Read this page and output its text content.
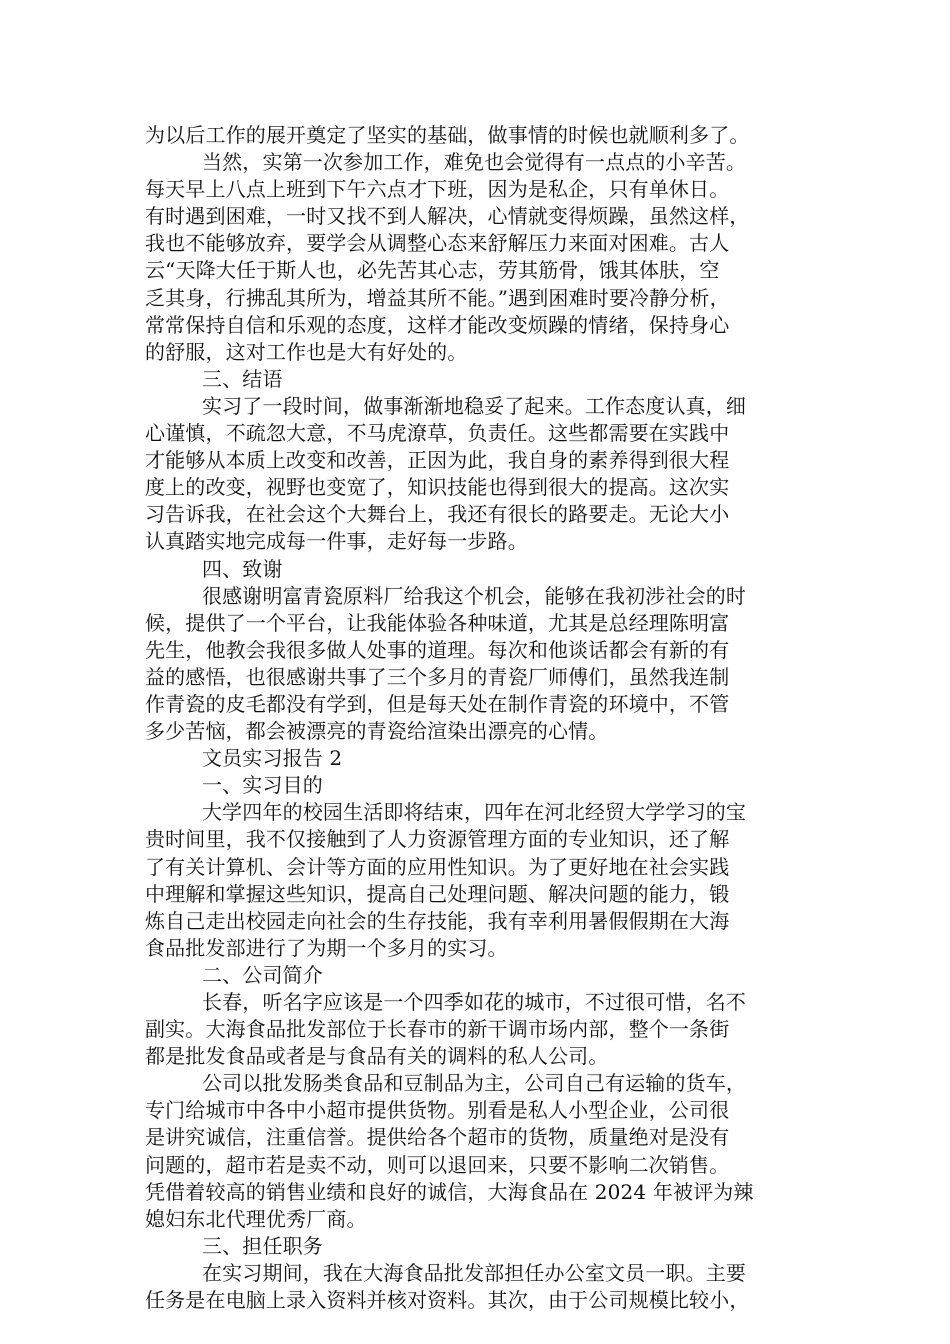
为以后工作的展开奠定了坚实的基础，做事情的时候也就顺利多了。
当然，实第一次参加工作，难免也会觉得有一点点的小辛苦。
每天早上八点上班到下午六点才下班，因为是私企，只有单休日。
有时遇到困难，一时又找不到人解决，心情就变得烦躁，虽然这样，
我也不能够放弃，要学会从调整心态来舒解压力来面对困难。古人
云“天降大任于斯人也，必先苦其心志，劳其筋骨，饿其体肤，空
乏其身，行拂乱其所为，增益其所不能。”遇到困难时要冷静分析，
常常保持自信和乐观的态度，这样才能改变烦躁的情绪，保持身心
的舒服，这对工作也是大有好处的。
三、结语
实习了一段时间，做事渐渐地稳妥了起来。工作态度认真，细
心谨慎，不疏忽大意，不马虎潦草，负责任。这些都需要在实践中
才能够从本质上改变和改善，正因为此，我自身的素养得到很大程
度上的改变，视野也变宽了，知识技能也得到很大的提高。这次实
习告诉我，在社会这个大舞台上，我还有很长的路要走。无论大小
认真踏实地完成每一件事，走好每一步路。
四、致谢
很感谢明富青瓷原料厂给我这个机会，能够在我初涉社会的时
候，提供了一个平台，让我能体验各种味道，尤其是总经理陈明富
先生，他教会我很多做人处事的道理。每次和他谈话都会有新的有
益的感悟，也很感谢共事了三个多月的青瓷厂师傅们，虽然我连制
作青瓷的皮毛都没有学到，但是每天处在制作青瓷的环境中，不管
多少苦恼，都会被漂亮的青瓷给渲染出漂亮的心情。
文员实习报告 2
一、实习目的
大学四年的校园生活即将结束，四年在河北经贸大学学习的宝
贵时间里，我不仅接触到了人力资源管理方面的专业知识，还了解
了有关计算机、会计等方面的应用性知识。为了更好地在社会实践
中理解和掌握这些知识，提高自己处理问题、解决问题的能力，锻
炼自己走出校园走向社会的生存技能，我有幸利用暑假假期在大海
食品批发部进行了为期一个多月的实习。
二、公司简介
长春，听名字应该是一个四季如花的城市，不过很可惜，名不
副实。大海食品批发部位于长春市的新干调市场内部，整个一条街
都是批发食品或者是与食品有关的调料的私人公司。
公司以批发肠类食品和豆制品为主，公司自己有运输的货车，
专门给城市中各中小超市提供货物。别看是私人小型企业，公司很
是讲究诚信，注重信誉。提供给各个超市的货物，质量绝对是没有
问题的，超市若是卖不动，则可以退回来，只要不影响二次销售。
凭借着较高的销售业绩和良好的诚信，大海食品在 2024 年被评为辣
媳妇东北代理优秀厂商。
三、担任职务
在实习期间，我在大海食品批发部担任办公室文员一职。主要
任务是在电脑上录入资料并核对资料。其次，由于公司规模比较小，
